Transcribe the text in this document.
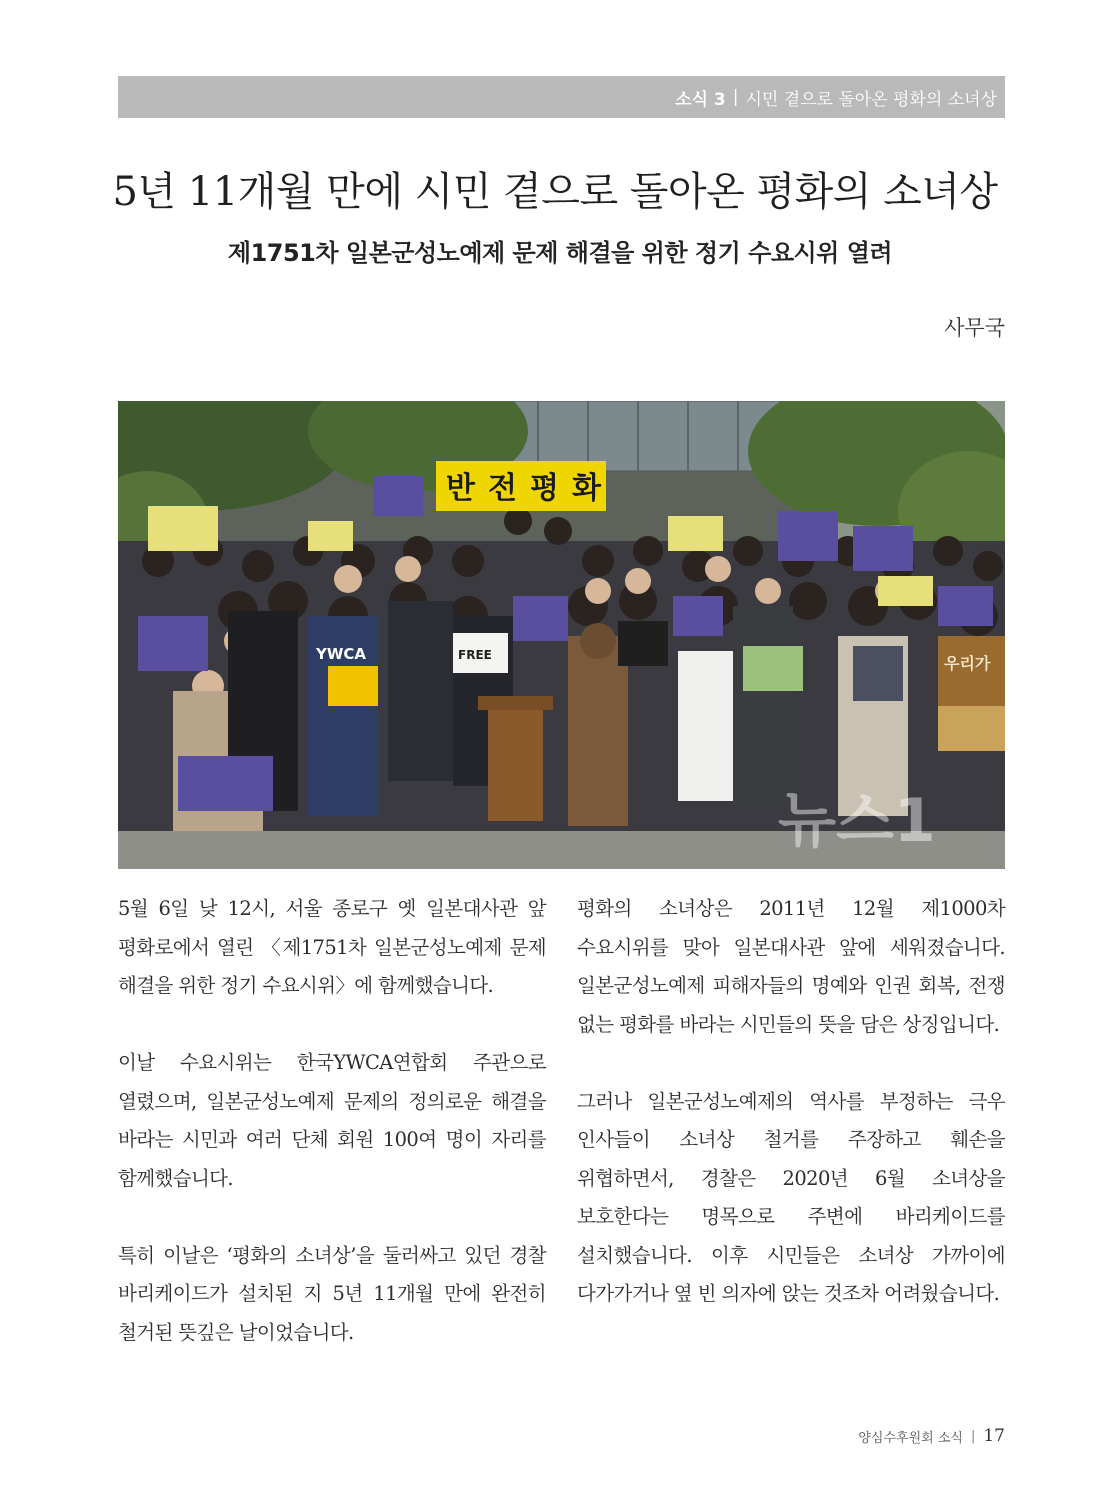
소식 3 | 시민 곁으로 돌아온 평화의 소녀상
5년 11개월 만에 시민 곁으로 돌아온 평화의 소녀상
제1751차 일본군성노예제 문제 해결을 위한 정기 수요시위 열려
사무국
반 전 평 화
FREE	우리가
YWCA
뉴스1

5월 6일 낮 12시, 서울 종로구 옛 일본대사관 앞 평화로에서 열린 〈제1751차 일본군성노예제 문제 해결을 위한 정기 수요시위〉에 함께했습니다.

이날 수요시위는 한국YWCA연합회 주관으로 열렸으며, 일본군성노예제 문제의 정의로운 해결을 바라는 시민과 여러 단체 회원 100여 명이 자리를 함께했습니다.

특히 이날은 ‘평화의 소녀상’을 둘러싸고 있던 경찰 바리케이드가 설치된 지 5년 11개월 만에 완전히 철거된 뜻깊은 날이었습니다.

평화의 소녀상은 2011년 12월 제1000차 수요시위를 맞아 일본대사관 앞에 세워졌습니다. 일본군성노예제 피해자들의 명예와 인권 회복, 전쟁 없는 평화를 바라는 시민들의 뜻을 담은 상징입니다.

그러나 일본군성노예제의 역사를 부정하는 극우 인사들이 소녀상 철거를 주장하고 훼손을 위협하면서, 경찰은 2020년 6월 소녀상을 보호한다는 명목으로 주변에 바리케이드를 설치했습니다. 이후 시민들은 소녀상 가까이에 다가가거나 옆 빈 의자에 앉는 것조차 어려웠습니다.

양심수후원회 소식 | 17
